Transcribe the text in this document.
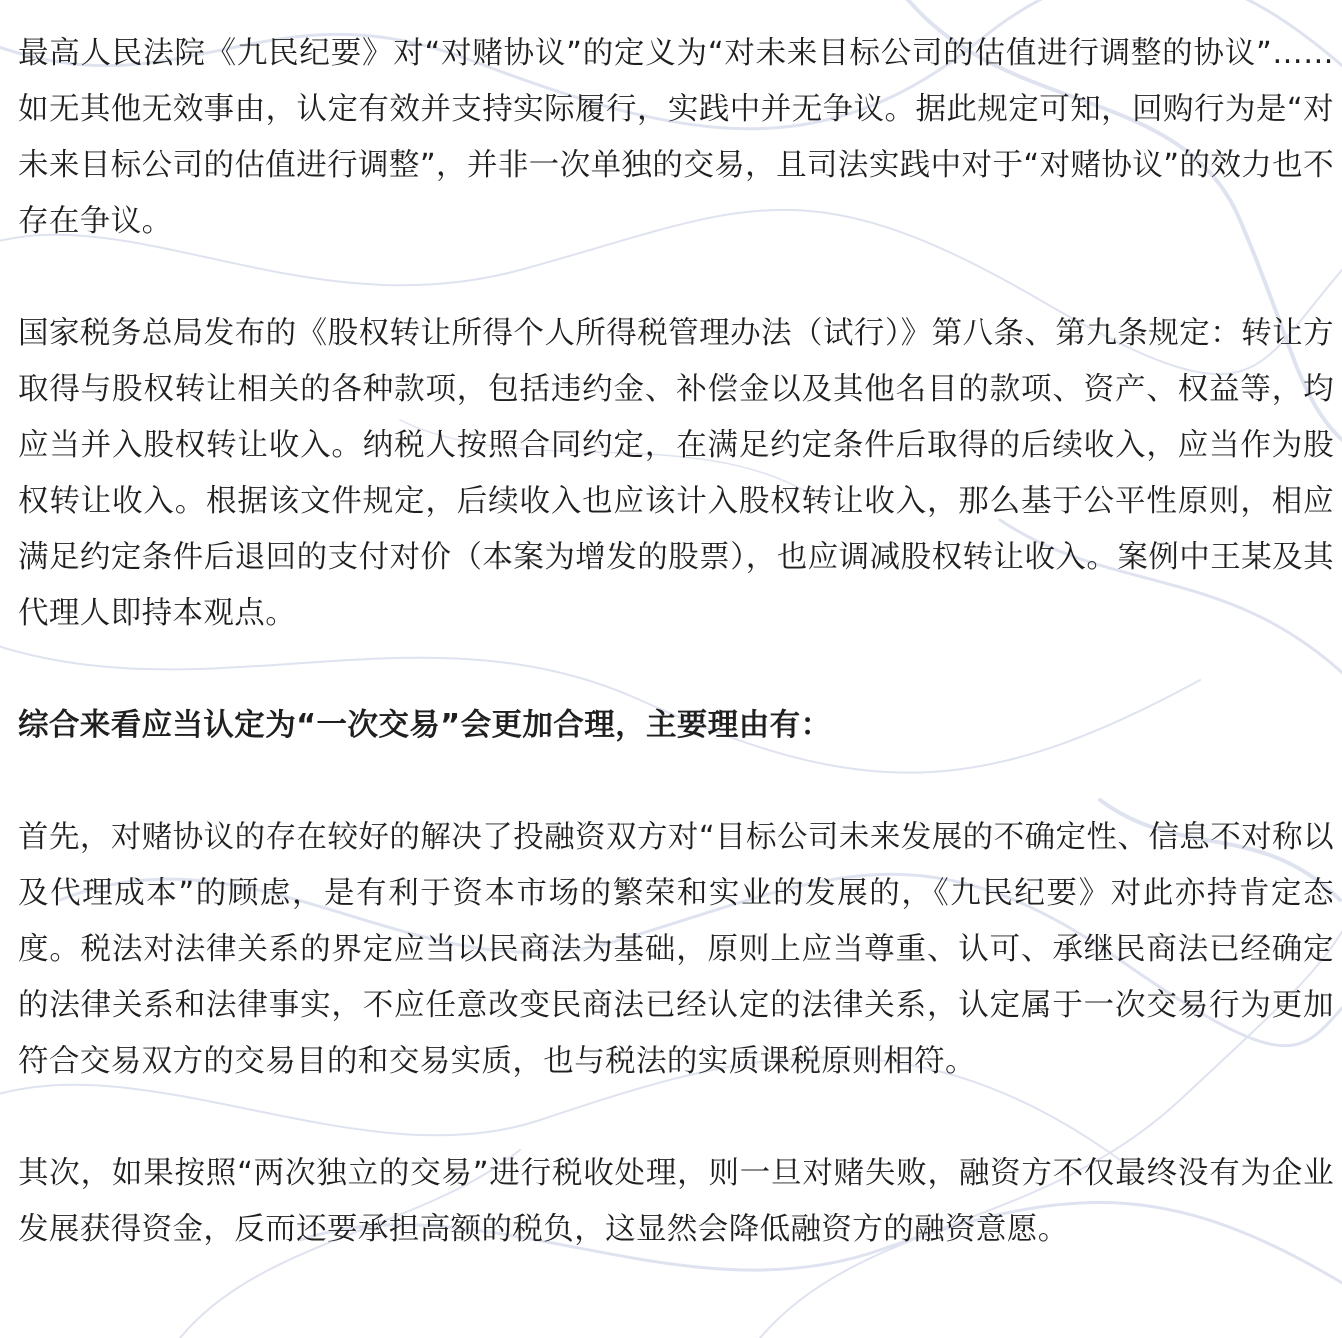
最高人民法院《九民纪要》对“对赌协议”的定义为“对未来目标公司的估值进行调整的协议”……如无其他无效事由，认定有效并支持实际履行，实践中并无争议。据此规定可知，回购行为是“对未来目标公司的估值进行调整”，并非一次单独的交易，且司法实践中对于“对赌协议”的效力也不存在争议。

国家税务总局发布的《股权转让所得个人所得税管理办法（试行）》第八条、第九条规定：转让方取得与股权转让相关的各种款项，包括违约金、补偿金以及其他名目的款项、资产、权益等，均应当并入股权转让收入。纳税人按照合同约定，在满足约定条件后取得的后续收入，应当作为股权转让收入。根据该文件规定，后续收入也应该计入股权转让收入，那么基于公平性原则，相应满足约定条件后退回的支付对价（本案为增发的股票），也应调减股权转让收入。案例中王某及其代理人即持本观点。

综合来看应当认定为“一次交易”会更加合理，主要理由有：

首先，对赌协议的存在较好的解决了投融资双方对“目标公司未来发展的不确定性、信息不对称以及代理成本”的顾虑，是有利于资本市场的繁荣和实业的发展的，《九民纪要》对此亦持肯定态度。税法对法律关系的界定应当以民商法为基础，原则上应当尊重、认可、承继民商法已经确定的法律关系和法律事实，不应任意改变民商法已经认定的法律关系，认定属于一次交易行为更加符合交易双方的交易目的和交易实质，也与税法的实质课税原则相符。

其次，如果按照“两次独立的交易”进行税收处理，则一旦对赌失败，融资方不仅最终没有为企业发展获得资金，反而还要承担高额的税负，这显然会降低融资方的融资意愿。
